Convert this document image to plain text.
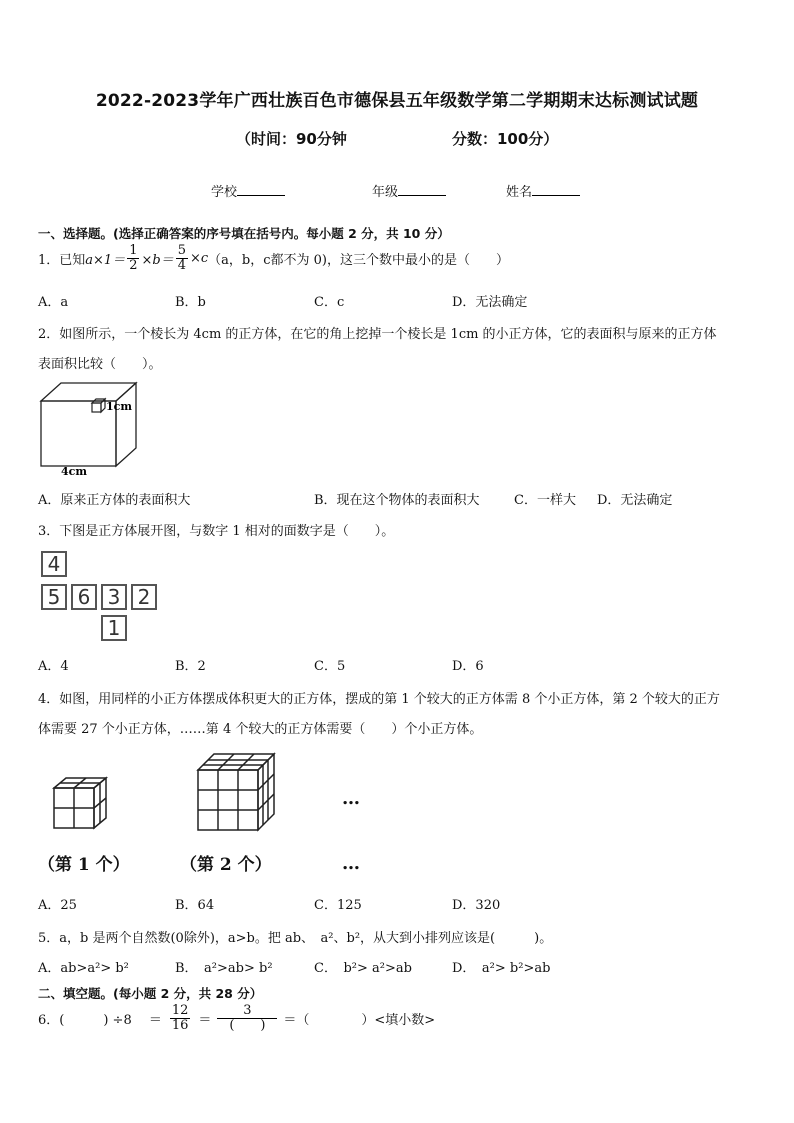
2022-2023学年广西壮族百色市德保县五年级数学第二学期期末达标测试试题
（时间：90分钟	分数：100分）
学校	年级	姓名
一、选择题。(选择正确答案的序号填在括号内。每小题 2 分，共 10 分）
1．已知 $a\times 1= \frac{1}{2} \times b= \frac{5}{4} \times c$ （a，b，c都不为 0)，这三个数中最小的是（　　）
A．a	B．b	C．c	D．无法确定
2．如图所示，一个棱长为 4cm 的正方体，在它的角上挖掉一个棱长是 1cm 的小正方体，它的表面积与原来的正方体
表面积比较（　　）。
1cm
4cm
A．原来正方体的表面积大	B．现在这个物体的表面积大	C．一样大 D．无法确定
3．下图是正方体展开图，与数字 1 相对的面数字是（　　）。
4
5 6 3 2
1
A．4	B．2	C．5	D．6
4．如图，用同样的小正方体摆成体积更大的正方体，摆成的第 1 个较大的正方体需 8 个小正方体，第 2 个较大的正方
体需要 27 个小正方体，……第 4 个较大的正方体需要（　　）个小正方体。
…
（第 1 个）	（第 2 个）	…
A．25	B．64	C．125	D．320
5．a，b 是两个自然数(0除外)，a>b。把 ab、　a²、b²，从大到小排列应该是(　　　)。
A．ab>a²> b²	B．　a²>ab> b²	C．　b²> a²>ab	D．　a²> b²>ab
二、填空题。(每小题 2 分，共 28 分）
6．(　　　) ÷8 　＝ $\frac{12}{16} = \frac{3}{( )}$ ＝（　　　　）<填小数>
